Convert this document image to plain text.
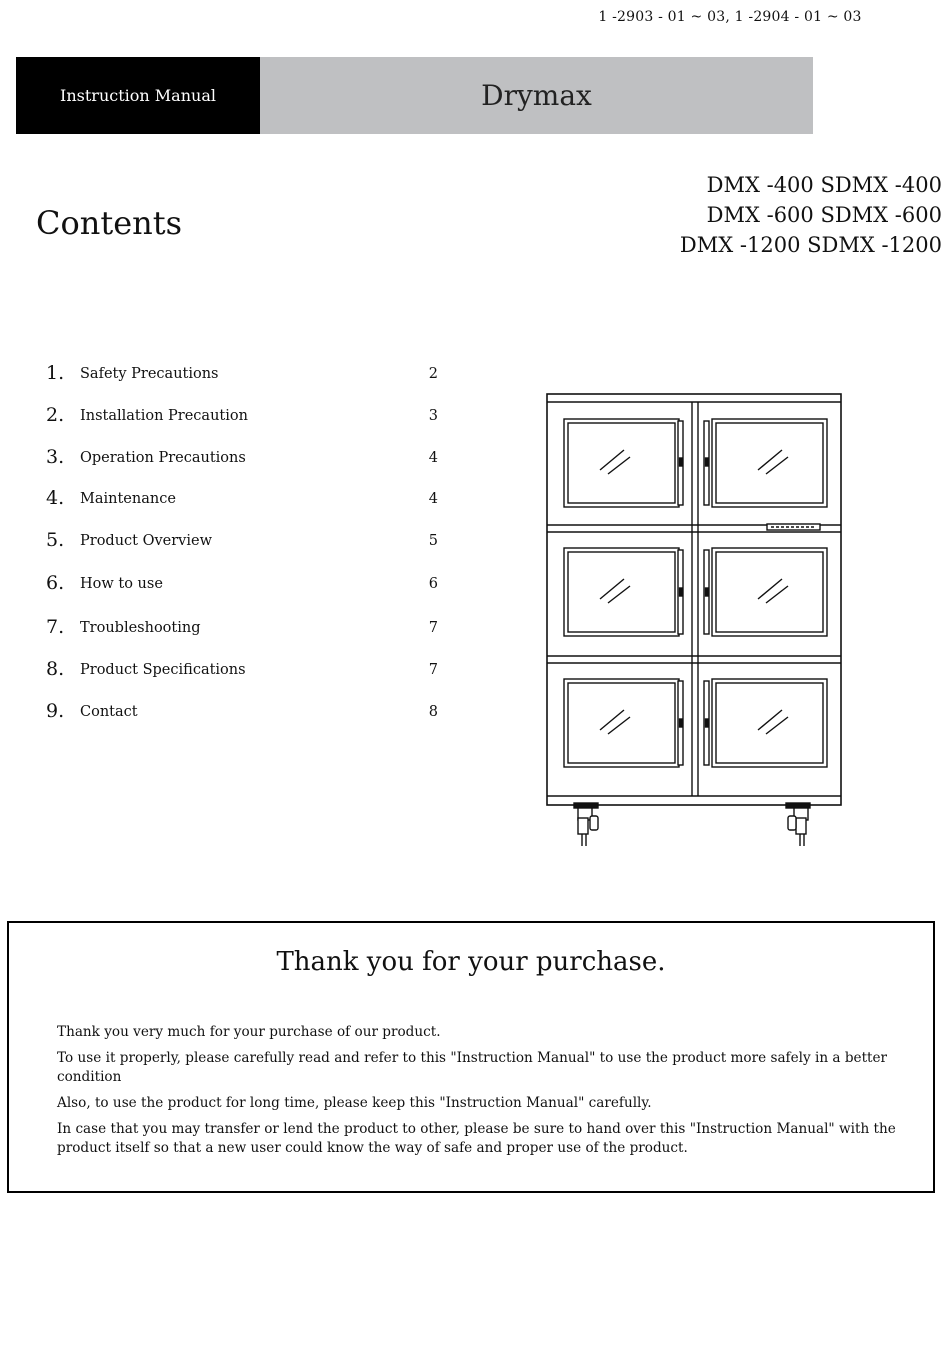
1 -2903 - 01 ~ 03, 1 -2904 - 01 ~ 03
Instruction Manual	Drymax
Contents
DMX -400 SDMX -400
DMX -600 SDMX -600
DMX -1200 SDMX -1200
1. Safety Precautions	2
2. Installation Precaution	3
3. Operation Precautions	4
4. Maintenance	4
5. Product Overview	5
6. How to use	6
7. Troubleshooting	7
8. Product Specifications	7
9. Contact	8
Thank you for your purchase.

Thank you very much for your purchase of our product.

To use it properly, please carefully read and refer to this "Instruction Manual" to use the product more safely in a better condition

Also, to use the product for long time, please keep this "Instruction Manual" carefully.

In case that you may transfer or lend the product to other, please be sure to hand over this "Instruction Manual" with the product itself so that a new user could know the way of safe and proper use of the product.
